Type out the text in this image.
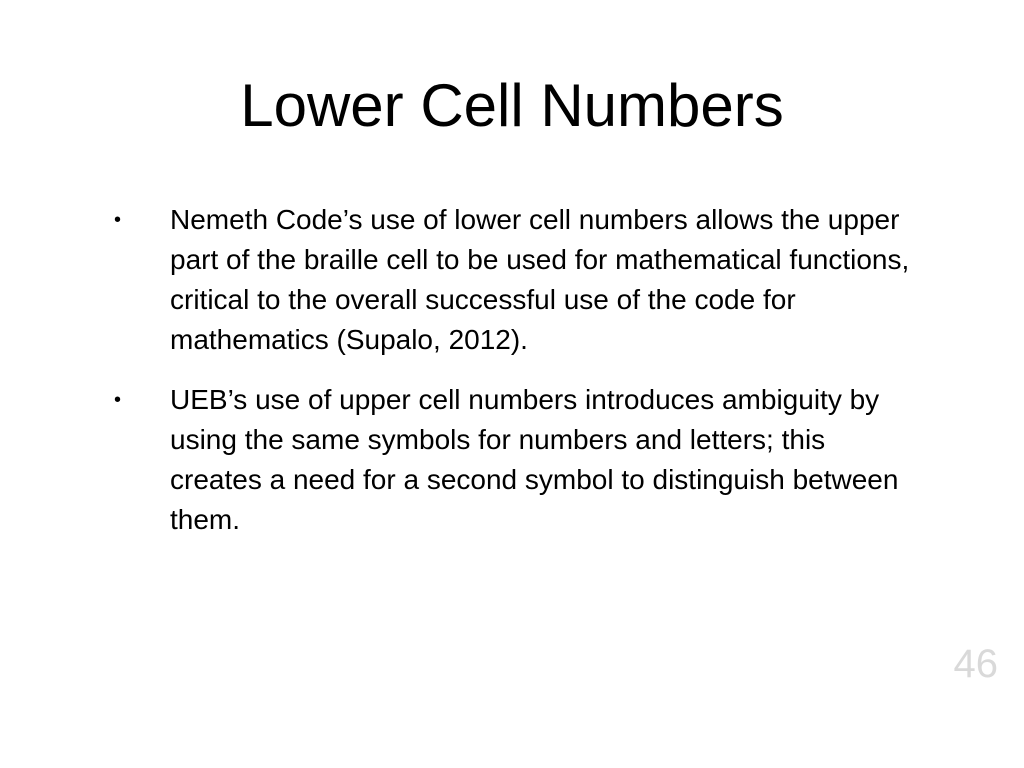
Lower Cell Numbers
•	Nemeth Code’s use of lower cell numbers allows the upper part of the braille cell to be used for mathematical functions, critical to the overall successful use of the code for mathematics (Supalo, 2012).
•	UEB’s use of upper cell numbers introduces ambiguity by using the same symbols for numbers and letters; this creates a need for a second symbol to distinguish between them.
46
